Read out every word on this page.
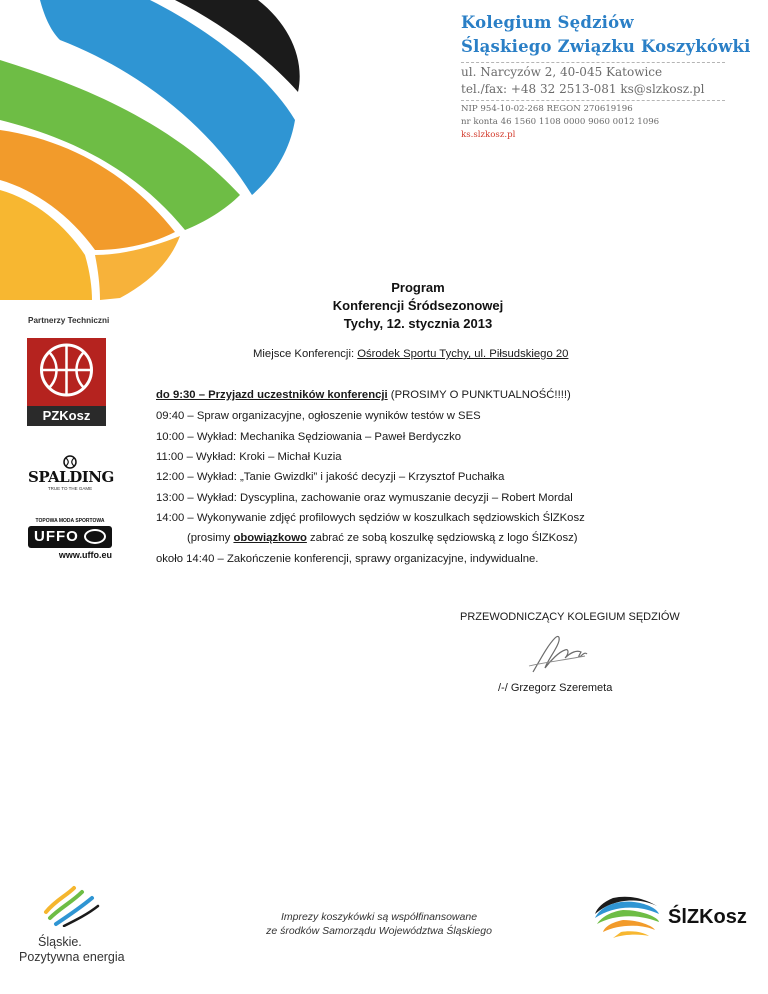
Kolegium Sędziów
Śląskiego Związku Koszykówki
ul. Narcyzów 2, 40-045 Katowice
tel./fax: +48 32 2513-081 ks@slzkosz.pl
NIP 954-10-02-268 REGON 270619196
nr konta 46 1560 1108 0000 9060 0012 1096
ks.slzkosz.pl
Program
Konferencji Śródsezonowej
Tychy, 12. stycznia 2013
Partnerzy Techniczni
Miejsce Konferencji: Ośrodek Sportu Tychy, ul. Piłsudskiego 20
do 9:30 – Przyjazd uczestników konferencji (PROSIMY O PUNKTUALNOŚĆ!!!!)
09:40 – Spraw organizacyjne, ogłoszenie wyników testów w SES
10:00 – Wykład: Mechanika Sędziowania – Paweł Berdyczko
11:00 – Wykład: Kroki – Michał Kuzia
12:00 – Wykład: „Tanie Gwizdki” i jakość decyzji – Krzysztof Puchałka
13:00 – Wykład: Dyscyplina, zachowanie oraz wymuszanie decyzji – Robert Mordal
14:00 – Wykonywanie zdjęć profilowych sędziów w koszulkach sędziowskich ŚlZKosz
(prosimy obowiązkowo zabrać ze sobą koszulkę sędziowską z logo ŚlZKosz)
około 14:40 – Zakończenie konferencji, sprawy organizacyjne, indywidualne.
PZKosz
SPALDING
TRUE TO THE GAME
TOPOWA MODA SPORTOWA
UFFO
www.uffo.eu
PRZEWODNICZĄCY KOLEGIUM SĘDZIÓW
/-/ Grzegorz Szeremeta
Śląskie.
Pozytywna energia
Imprezy koszykówki są współfinansowane
ze środków Samorządu Województwa Śląskiego
ŚlZKosz
